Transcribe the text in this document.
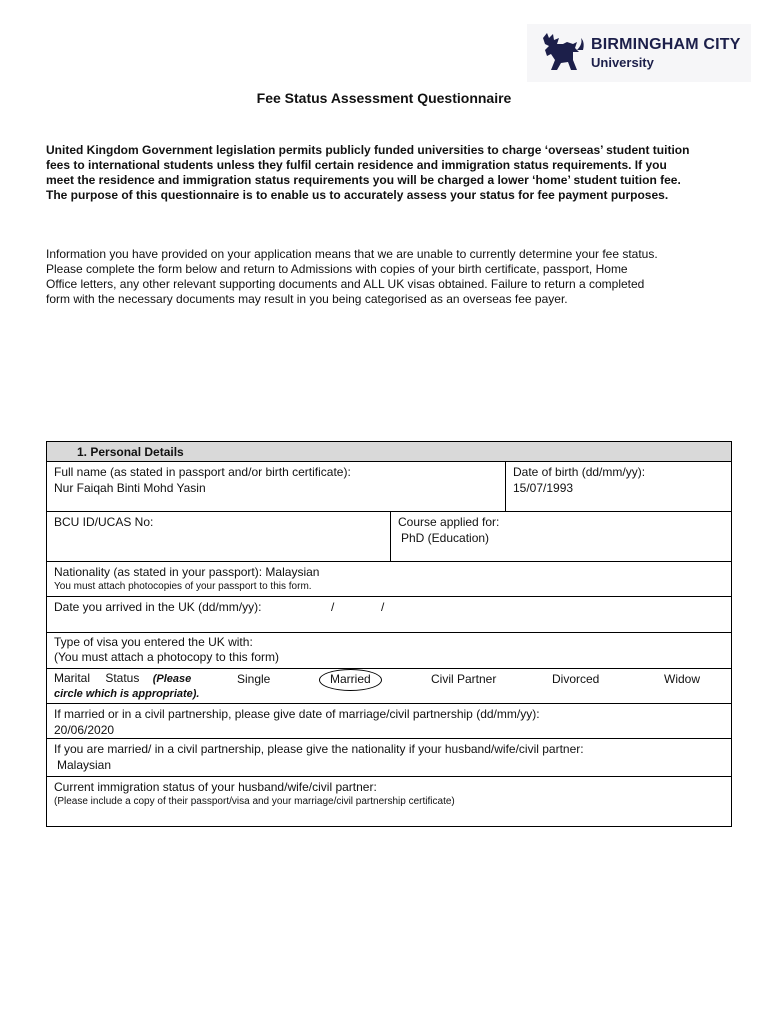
BIRMINGHAM CITY
University
Fee Status Assessment Questionnaire
United Kingdom Government legislation permits publicly funded universities to charge ‘overseas’ student tuition
fees to international students unless they fulfil certain residence and immigration status requirements. If you
meet the residence and immigration status requirements you will be charged a lower ‘home’ student tuition fee.
The purpose of this questionnaire is to enable us to accurately assess your status for fee payment purposes.
Information you have provided on your application means that we are unable to currently determine your fee status.
Please complete the form below and return to Admissions with copies of your birth certificate, passport, Home
Office letters, any other relevant supporting documents and ALL UK visas obtained. Failure to return a completed
form with the necessary documents may result in you being categorised as an overseas fee payer.
1. Personal Details
Full name (as stated in passport and/or birth certificate):
Nur Faiqah Binti Mohd Yasin
Date of birth (dd/mm/yy):
15/07/1993
BCU ID/UCAS No:	Course applied for:
PhD (Education)
Nationality (as stated in your passport): Malaysian
You must attach photocopies of your passport to this form.
Date you arrived in the UK (dd/mm/yy):	/	/
Type of visa you entered the UK with:
(You must attach a photocopy to this form)
Marital Status (Please
circle which is appropriate).
Single	Married	Civil Partner	Divorced	Widow
If married or in a civil partnership, please give date of marriage/civil partnership (dd/mm/yy):
20/06/2020
If you are married/ in a civil partnership, please give the nationality if your husband/wife/civil partner:
Malaysian
Current immigration status of your husband/wife/civil partner:
(Please include a copy of their passport/visa and your marriage/civil partnership certificate)
